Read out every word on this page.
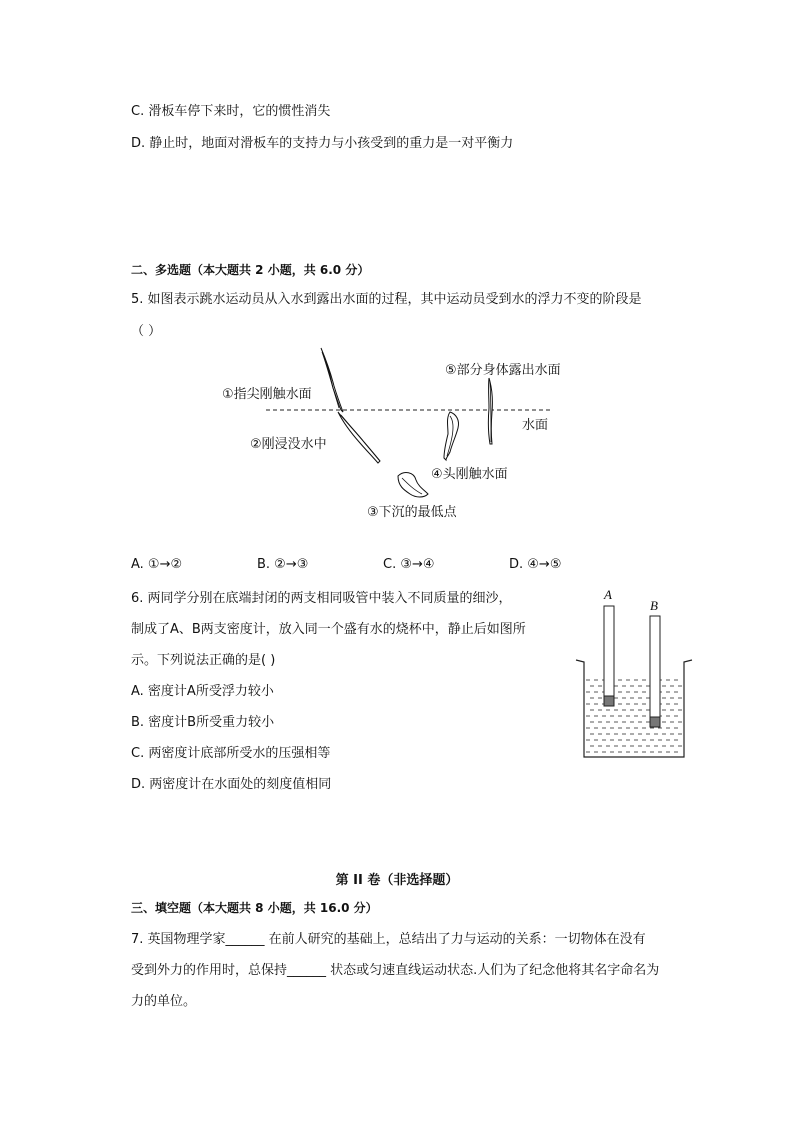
C. 滑板车停下来时，它的惯性消失
D. 静止时，地面对滑板车的支持力与小孩受到的重力是一对平衡力
二、多选题（本大题共 2 小题，共 6.0 分）
5. 如图表示跳水运动员从入水到露出水面的过程，其中运动员受到水的浮力不变的阶段是
（ ）
①指尖刚触水面
②刚浸没水中
③下沉的最低点
④头刚触水面
⑤部分身体露出水面
水面
A. ①→②	B. ②→③	C. ③→④	D. ④→⑤
6. 两同学分别在底端封闭的两支相同吸管中装入不同质量的细沙，
制成了A、B两支密度计，放入同一个盛有水的烧杯中，静止后如图所
示。下列说法正确的是( )
A. 密度计A所受浮力较小
B. 密度计B所受重力较小
C. 两密度计底部所受水的压强相等
D. 两密度计在水面处的刻度值相同
A
B
第 II 卷（非选择题）
三、填空题（本大题共 8 小题，共 16.0 分）
7. 英国物理学家______ 在前人研究的基础上，总结出了力与运动的关系：一切物体在没有
受到外力的作用时，总保持______ 状态或匀速直线运动状态.人们为了纪念他将其名字命名为
力的单位。
